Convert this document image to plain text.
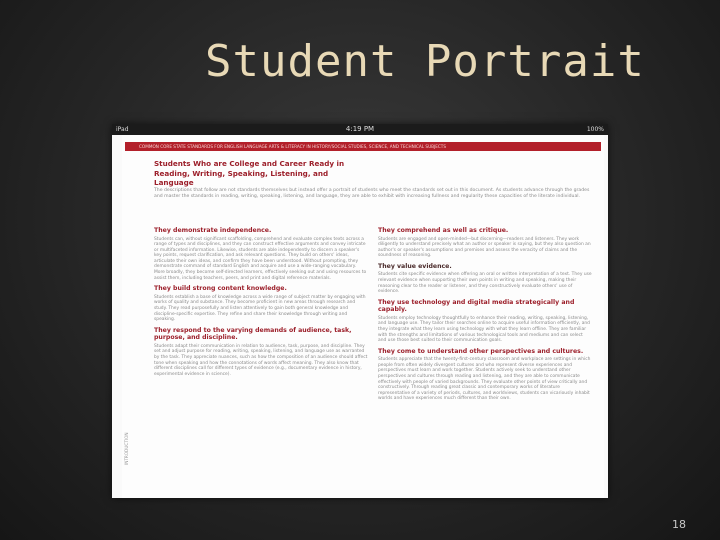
Student Portrait
iPad	4:19 PM	100%
COMMON CORE STATE STANDARDS FOR ENGLISH LANGUAGE ARTS & LITERACY IN HISTORY/SOCIAL STUDIES, SCIENCE, AND TECHNICAL SUBJECTS
Students Who are College and Career Ready in Reading, Writing, Speaking, Listening, and Language
The descriptions that follow are not standards themselves but instead offer a portrait of students who meet the standards set out in this document. As students advance through the grades and master the standards in reading, writing, speaking, listening, and language, they are able to exhibit with increasing fullness and regularity these capacities of the literate individual.
They demonstrate independence.
Students can, without significant scaffolding, comprehend and evaluate complex texts across a range of types and disciplines, and they can construct effective arguments and convey intricate or multifaceted information. Likewise, students are able independently to discern a speaker's key points, request clarification, and ask relevant questions. They build on others' ideas, articulate their own ideas, and confirm they have been understood. Without prompting, they demonstrate command of standard English and acquire and use a wide-ranging vocabulary. More broadly, they become self-directed learners, effectively seeking out and using resources to assist them, including teachers, peers, and print and digital reference materials.
They build strong content knowledge.
Students establish a base of knowledge across a wide range of subject matter by engaging with works of quality and substance. They become proficient in new areas through research and study. They read purposefully and listen attentively to gain both general knowledge and discipline-specific expertise. They refine and share their knowledge through writing and speaking.
They respond to the varying demands of audience, task, purpose, and discipline.
Students adapt their communication in relation to audience, task, purpose, and discipline. They set and adjust purpose for reading, writing, speaking, listening, and language use as warranted by the task. They appreciate nuances, such as how the composition of an audience should affect tone when speaking and how the connotations of words affect meaning. They also know that different disciplines call for different types of evidence (e.g., documentary evidence in history, experimental evidence in science).
They comprehend as well as critique.
Students are engaged and open-minded—but discerning—readers and listeners. They work diligently to understand precisely what an author or speaker is saying, but they also question an author's or speaker's assumptions and premises and assess the veracity of claims and the soundness of reasoning.
They value evidence.
Students cite specific evidence when offering an oral or written interpretation of a text. They use relevant evidence when supporting their own points in writing and speaking, making their reasoning clear to the reader or listener, and they constructively evaluate others' use of evidence.
They use technology and digital media strategically and capably.
Students employ technology thoughtfully to enhance their reading, writing, speaking, listening, and language use. They tailor their searches online to acquire useful information efficiently, and they integrate what they learn using technology with what they learn offline. They are familiar with the strengths and limitations of various technological tools and mediums and can select and use those best suited to their communication goals.
They come to understand other perspectives and cultures.
Students appreciate that the twenty-first-century classroom and workplace are settings in which people from often widely divergent cultures and who represent diverse experiences and perspectives must learn and work together. Students actively seek to understand other perspectives and cultures through reading and listening, and they are able to communicate effectively with people of varied backgrounds. They evaluate other points of view critically and constructively. Through reading great classic and contemporary works of literature representative of a variety of periods, cultures, and worldviews, students can vicariously inhabit worlds and have experiences much different than their own.
INTRODUCTION
18
